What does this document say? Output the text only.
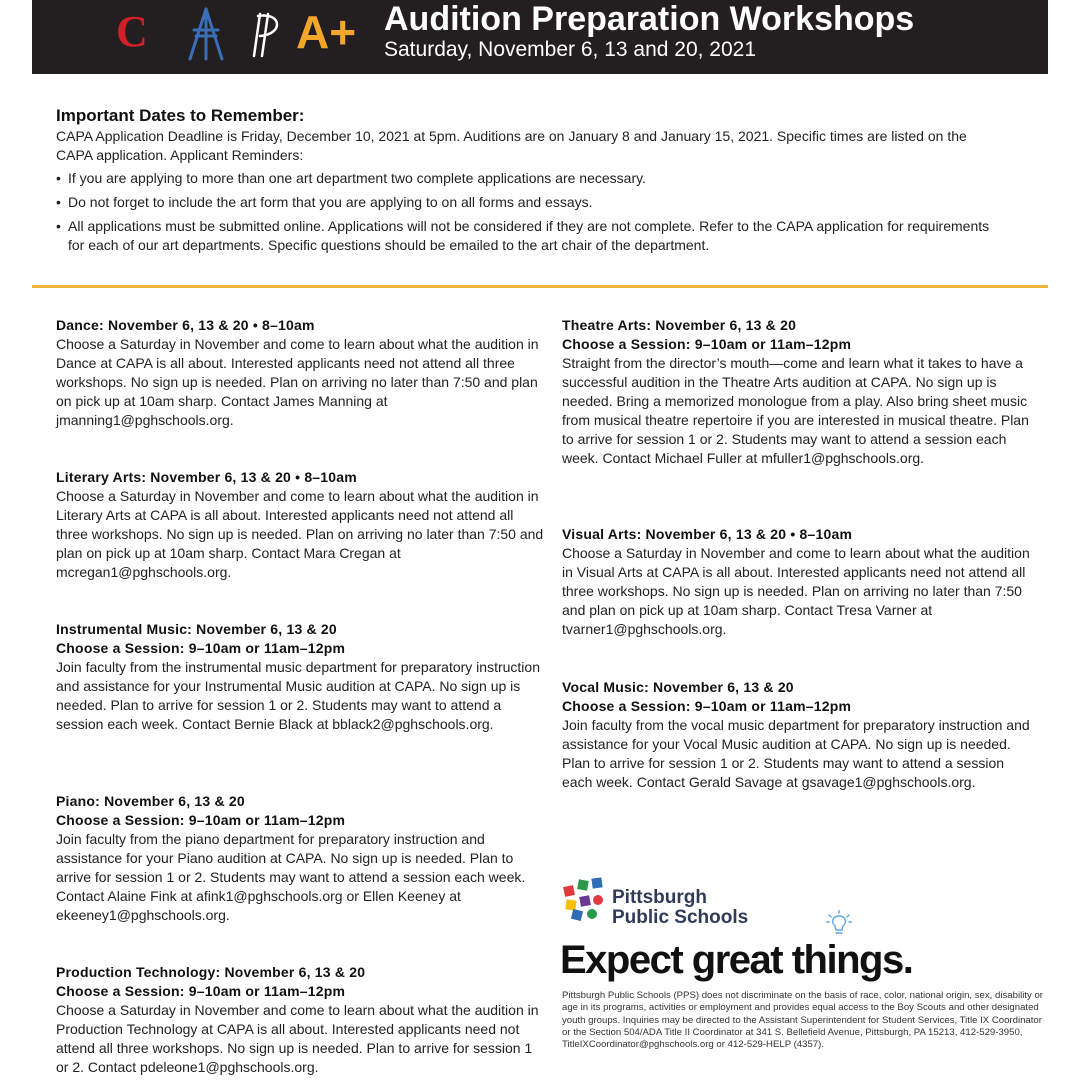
C	A+ Audition Preparation Workshops
Saturday, November 6, 13 and 20, 2021
Important Dates to Remember:

CAPA Application Deadline is Friday, December 10, 2021 at 5pm. Auditions are on January 8 and January 15, 2021. Specific times are listed on the CAPA application. Applicant Reminders:

• If you are applying to more than one art department two complete applications are necessary.
• Do not forget to include the art form that you are applying to on all forms and essays.
• All applications must be submitted online. Applications will not be considered if they are not complete. Refer to the CAPA application for requirements for each of our art departments. Specific questions should be emailed to the art chair of the department.
Dance: November 6, 13 & 20 • 8–10am

Choose a Saturday in November and come to learn about what the audition in Dance at CAPA is all about. Interested applicants need not attend all three workshops. No sign up is needed. Plan on arriving no later than 7:50 and plan on pick up at 10am sharp. Contact James Manning at jmanning1@pghschools.org.

Literary Arts: November 6, 13 & 20 • 8–10am

Choose a Saturday in November and come to learn about what the audition in Literary Arts at CAPA is all about. Interested applicants need not attend all three workshops. No sign up is needed. Plan on arriving no later than 7:50 and plan on pick up at 10am sharp. Contact Mara Cregan at mcregan1@pghschools.org.

Instrumental Music: November 6, 13 & 20
Choose a Session: 9–10am or 11am–12pm

Join faculty from the instrumental music department for preparatory instruction and assistance for your Instrumental Music audition at CAPA. No sign up is needed. Plan to arrive for session 1 or 2. Students may want to attend a session each week. Contact Bernie Black at bblack2@pghschools.org.

Piano: November 6, 13 & 20
Choose a Session: 9–10am or 11am–12pm

Join faculty from the piano department for preparatory instruction and assistance for your Piano audition at CAPA. No sign up is needed. Plan to arrive for session 1 or 2. Students may want to attend a session each week. Contact Alaine Fink at afink1@pghschools.org or Ellen Keeney at ekeeney1@pghschools.org.

Production Technology: November 6, 13 & 20
Choose a Session: 9–10am or 11am–12pm

Choose a Saturday in November and come to learn about what the audition in Production Technology at CAPA is all about. Interested applicants need not attend all three workshops. No sign up is needed. Plan to arrive for session 1 or 2. Contact pdeleone1@pghschools.org.

Theatre Arts: November 6, 13 & 20
Choose a Session: 9–10am or 11am–12pm

Straight from the director’s mouth—come and learn what it takes to have a successful audition in the Theatre Arts audition at CAPA. No sign up is needed. Bring a memorized monologue from a play. Also bring sheet music from musical theatre repertoire if you are interested in musical theatre. Plan to arrive for session 1 or 2. Students may want to attend a session each week. Contact Michael Fuller at mfuller1@pghschools.org.

Visual Arts: November 6, 13 & 20 • 8–10am

Choose a Saturday in November and come to learn about what the audition in Visual Arts at CAPA is all about. Interested applicants need not attend all three workshops. No sign up is needed. Plan on arriving no later than 7:50 and plan on pick up at 10am sharp. Contact Tresa Varner at tvarner1@pghschools.org.

Vocal Music: November 6, 13 & 20
Choose a Session: 9–10am or 11am–12pm

Join faculty from the vocal music department for preparatory instruction and assistance for your Vocal Music audition at CAPA. No sign up is needed. Plan to arrive for session 1 or 2. Students may want to attend a session each week. Contact Gerald Savage at gsavage1@pghschools.org.

Pittsburgh
Public Schools
Expect great things.

Pittsburgh Public Schools (PPS) does not discriminate on the basis of race, color, national origin, sex, disability or age in its programs, activities or employment and provides equal access to the Boy Scouts and other designated youth groups. Inquiries may be directed to the Assistant Superintendent for Student Services, Title IX Coordinator or the Section 504/ADA Title II Coordinator at 341 S. Bellefield Avenue, Pittsburgh, PA 15213, 412-529-3950, TitleIXCoordinator@pghschools.org or 412-529-HELP (4357).
